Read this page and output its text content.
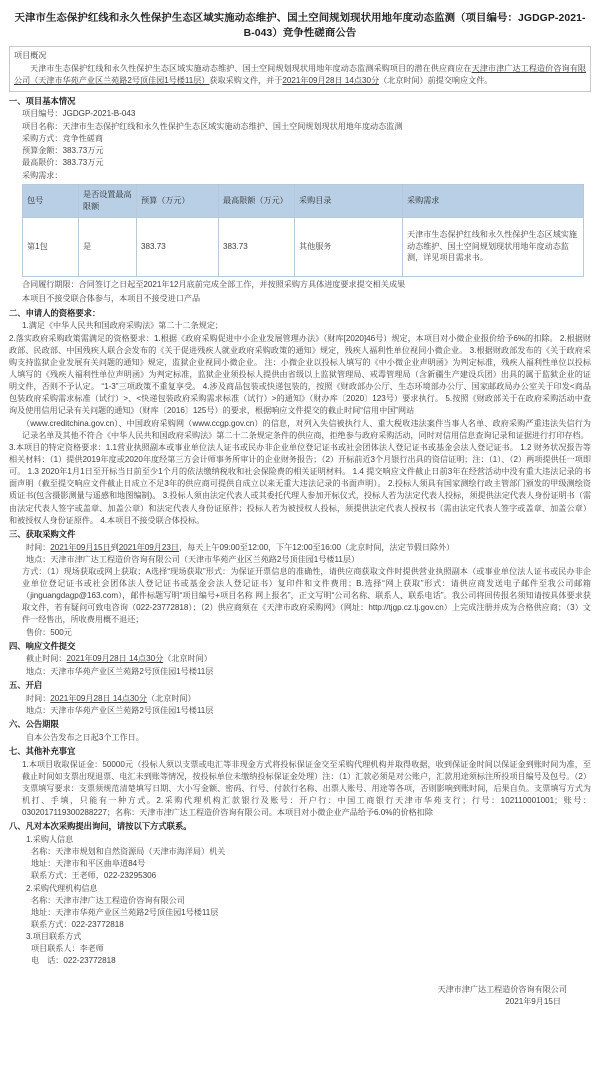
天津市生态保护红线和永久性保护生态区域实施动态维护、国土空间规划现状用地年度动态监测（项目编号：JGDGP-2021-B-043）竞争性磋商公告
项目概况
天津市生态保护红线和永久性保护生态区域实施动态维护、国土空间规划现状用地年度动态监测采购项目的潜在供应商应在天津市津广达工程造价咨询有限公司（天津市华苑产业区兰苑路2号顶佳园1号楼11层）获取采购文件，并于2021年09月28日 14点30分（北京时间）前提交响应文件。
一、项目基本情况
项目编号：JGDGP-2021-B-043
项目名称：天津市生态保护红线和永久性保护生态区域实施动态维护、国土空间规划现状用地年度动态监测
采购方式：竞争性磋商
预算金额：383.73万元
最高限价：383.73万元
采购需求：
包号	是否设置最高限额	预算（万元）	最高限额（万元）	采购目录	采购需求
第1包	是	383.73	383.73	其他服务	天津市生态保护红线和永久性保护生态区域实施动态维护、国土空间规划现状用地年度动态监测，详见项目需求书。
合同履行期限：合同签订之日起至2021年12月底前完成全部工作，并按照采购方具体进度要求提交相关成果
本项目不接受联合体参与，本项目不接受进口产品
二、申请人的资格要求：
1.满足《中华人民共和国政府采购法》第二十二条规定；
2.落实政府采购政策需满足的资格要求：1.根据《政府采购促进中小企业发展管理办法》（财库[2020]46号）规定，本项目对小微企业报价给予6%的扣除。 2.根据财政部、民政部、中国残疾人联合会发布的《关于促进残疾人就业政府采购政策的通知》规定，残疾人福利性单位视同小微企业。 3.根据财政部发布的《关于政府采购支持监狱企业发展有关问题的通知》规定，监狱企业视同小微企业。 注：小微企业以投标人填写的《中小微企业声明函》为判定标准，残疾人福利性单位以投标人填写的《残疾人福利性单位声明函》为判定标准，监狱企业须投标人提供由省级以上监狱管理局、戒毒管理局（含新疆生产建设兵团）出具的属于监狱企业的证明文件，否则不予认定。 “1-3”三项政策不重复享受。 4.涉及商品包装或快递包装的，按照《财政部办公厅、生态环境部办公厅、国家邮政局办公室关于印发<商品包装政府采购需求标准（试行）>、<快递包装政府采购需求标准（试行）>的通知》（财办库〔2020〕123号）要求执行。 5.按照《财政部关于在政府采购活动中查询及使用信用记录有关问题的通知》（财库〔2016〕125号）的要求，根据响应文件提交的截止时间“信用中国”网站
（www.creditchina.gov.cn）、中国政府采购网（www.ccgp.gov.cn）的信息，对列入失信被执行人、重大税收违法案件当事人名单、政府采购严重违法失信行为记录名单及其他不符合《中华人民共和国政府采购法》第二十二条规定条件的供应商，拒绝参与政府采购活动，同时对信用信息查询记录和证据进行打印存档。
3.本项目的特定资格要求：1.1营业执照副本或事业单位法人证书或民办非企业单位登记证书或社会团体法人登记证书或基金会法人登记证书。 1.2 财务状况报告等相关材料：（1）提供2019年度或2020年度经第三方会计师事务所审计的企业财务报告；（2）开标前近3个月银行出具的资信证明；注：（1）、（2）两项提供任一项即可。 1.3 2020年1月1日至开标当日前至少1个月的依法缴纳税收和社会保险费的相关证明材料。 1.4 提交响应文件截止日前3年在经营活动中没有重大违法记录的书面声明（截至提交响应文件截止日成立不足3年的供应商可提供自成立以来无重大违法记录的书面声明）。 2.投标人须具有国家测绘行政主管部门颁发的甲级测绘资质证书(包含摄影测量与遥感和地图编制)。 3.投标人须由法定代表人或其委托代理人参加开标仪式，投标人若为法定代表人投标，须提供法定代表人身份证明书（需由法定代表人签字或盖章、加盖公章）和法定代表人身份证原件；投标人若为被授权人投标，须提供法定代表人授权书（需由法定代表人签字或盖章、加盖公章）和被授权人身份证原件。 4.本项目不接受联合体投标。
三、获取采购文件
时间：2021年09月15日到2021年09月23日，每天上午09:00至12:00，下午12:00至16:00（北京时间，法定节假日除外）
地点：天津市津广达工程造价咨询有限公司（天津市华苑产业区兰苑路2号顶佳园1号楼11层）
方式：（1）现场获取或网上获取；A选择“现场获取”形式：为保证开票信息的准确性，请供应商获取文件时提供营业执照副本（或事业单位法人证书或民办非企业单位登记证书或社会团体法人登记证书或基金会法人登记证书）复印件和文件费用；B.选择“网上获取”形式：请供应商发送电子邮件至我公司邮箱（jinguangdagp@163.com），邮件标题写明“项目编号+项目名称 网上报名”，正文写明“公司名称、联系人、联系电话”。我公司将回传报名须知请按具体要求获取文件，若有疑问可致电咨询（022-23772818）；（2）供应商须在《天津市政府采购网》（网址：http://tjgp.cz.tj.gov.cn）上完成注册并成为合格供应商；（3）文件一经售出，所收费用概不退还；
售价：500元
四、响应文件提交
截止时间：2021年09月28日 14点30分（北京时间）
地点：天津市华苑产业区兰苑路2号顶佳园1号楼11层
五、开启
时间：2021年09月28日 14点30分（北京时间）
地点：天津市华苑产业区兰苑路2号顶佳园1号楼11层
六、公告期限
自本公告发布之日起3个工作日。
七、其他补充事宜
1.本项目收取保证金：50000元（投标人须以支票或电汇等非现金方式将投标保证金交至采购代理机构并取得收据，收到保证金时间以保证金到账时间为准，至截止时间如支票出现退票、电汇未到账等情况，按投标单位未缴纳投标保证金处理）注：（1）汇款必须是对公账户，汇款用途须标注所投项目编号及包号。（2）支票填写要求：支票须规范清楚填写日期、大小写金额、密码、行号、付款行名称、出票人账号、用途等各项，否则影响到账时间，后果自负。支票填写方式为机打、手填，只能有一种方式。2.采购代理机构汇款银行及账号：开户行：中国工商银行天津市华苑支行；行号：102110001001；账号：0302017119300288227；名称：天津市津广达工程造价咨询有限公司。本项目对小微企业产品给予6.0%的价格扣除
八、凡对本次采购提出询问，请按以下方式联系。
1.采购人信息
名称：天津市规划和自然资源局（天津市海洋局）机关
地址：天津市和平区曲阜道84号
联系方式：王老师，022-23295306
2.采购代理机构信息
名称：天津市津广达工程造价咨询有限公司
地址：天津市华苑产业区兰苑路2号顶佳园1号楼11层
联系方式：022-23772818
3.项目联系方式
项目联系人：李老师
电　话：022-23772818
天津市津广达工程造价咨询有限公司
2021年9月15日
